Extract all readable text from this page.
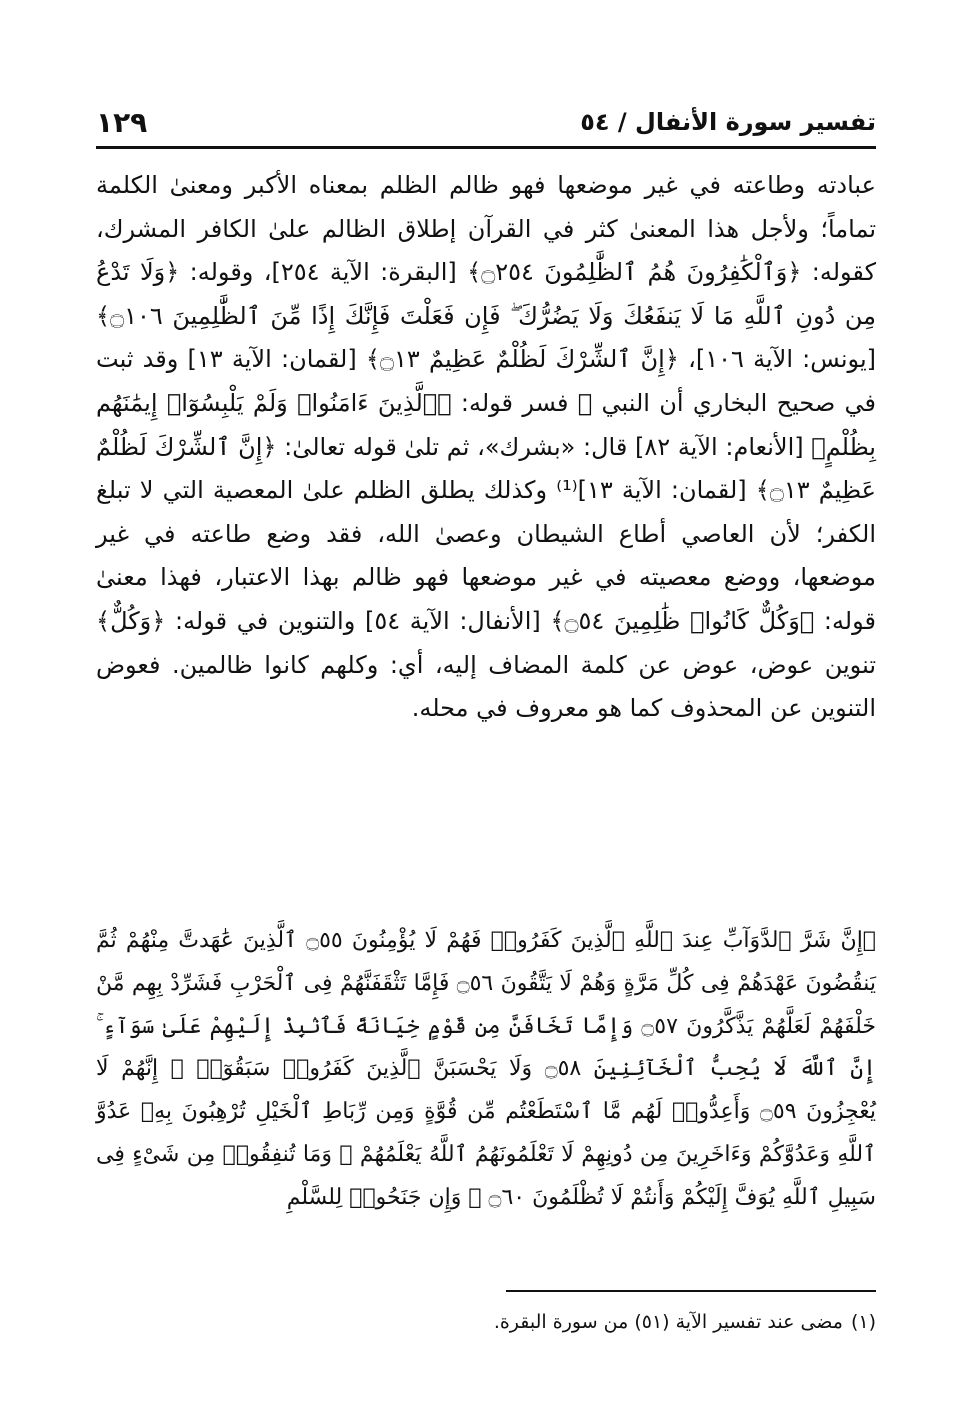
تفسير سورة الأنفال / ٥٤
١٢٩

عبادته وطاعته في غير موضعها فهو ظالم الظلم بمعناه الأكبر ومعنىٰ الكلمة تماماً؛ ولأجل هذا المعنىٰ كثر في القرآن إطلاق الظالم علىٰ الكافر المشرك، كقوله: ﴿وَٱلْكَٰفِرُونَ هُمُ ٱلظَّٰلِمُونَ ۝٢٥٤﴾ [البقرة: الآية ٢٥٤]، وقوله: ﴿وَلَا تَدْعُ مِن دُونِ ٱللَّهِ مَا لَا يَنفَعُكَ وَلَا يَضُرُّكَ ۖ فَإِن فَعَلْتَ فَإِنَّكَ إِذًا مِّنَ ٱلظَّٰلِمِينَ ۝١٠٦﴾ [يونس: الآية ١٠٦]، ﴿إِنَّ ٱلشِّرْكَ لَظُلْمٌ عَظِيمٌ ۝١٣﴾ [لقمان: الآية ١٣] وقد ثبت في صحيح البخاري أن النبي ﷺ فسر قوله: ﴿ٱلَّذِينَ ءَامَنُوا۟ وَلَمْ يَلْبِسُوٓا۟ إِيمَٰنَهُم بِظُلْمٍ﴾ [الأنعام: الآية ٨٢] قال: «بشرك»، ثم تلىٰ قوله تعالىٰ: ﴿إِنَّ ٱلشِّرْكَ لَظُلْمٌ عَظِيمٌ ۝١٣﴾ [لقمان: الآية ١٣]⁽¹⁾ وكذلك يطلق الظلم علىٰ المعصية التي لا تبلغ الكفر؛ لأن العاصي أطاع الشيطان وعصىٰ الله، فقد وضع طاعته في غير موضعها، ووضع معصيته في غير موضعها فهو ظالم بهذا الاعتبار، فهذا معنىٰ قوله: ﴿وَكُلٌّ كَانُوا۟ ظَٰلِمِينَ ۝٥٤﴾ [الأنفال: الآية ٥٤] والتنوين في قوله: ﴿وَكُلٌّ﴾ تنوين عوض، عوض عن كلمة المضاف إليه، أي: وكلهم كانوا ظالمين. فعوض التنوين عن المحذوف كما هو معروف في محله.

﴿إِنَّ شَرَّ ٱلدَّوَآبِّ عِندَ ٱللَّهِ ٱلَّذِينَ كَفَرُوا۟ فَهُمْ لَا يُؤْمِنُونَ ۝٥٥ ٱلَّذِينَ عَٰهَدتَّ مِنْهُمْ ثُمَّ يَنقُضُونَ عَهْدَهُمْ فِى كُلِّ مَرَّةٍ وَهُمْ لَا يَتَّقُونَ ۝٥٦ فَإِمَّا تَثْقَفَنَّهُمْ فِى ٱلْحَرْبِ فَشَرِّدْ بِهِم مَّنْ خَلْفَهُمْ لَعَلَّهُمْ يَذَّكَّرُونَ ۝٥٧ وَإِمَّا تَخَافَنَّ مِن قَوْمٍ خِيَانَةً فَٱنۢبِذْ إِلَيْهِمْ عَلَىٰ سَوَآءٍ ۚ إِنَّ ٱللَّهَ لَا يُحِبُّ ٱلْخَآئِنِينَ ۝٥٨ وَلَا يَحْسَبَنَّ ٱلَّذِينَ كَفَرُوا۟ سَبَقُوٓا۟ ۚ إِنَّهُمْ لَا يُعْجِزُونَ ۝٥٩ وَأَعِدُّوا۟ لَهُم مَّا ٱسْتَطَعْتُم مِّن قُوَّةٍ وَمِن رِّبَاطِ ٱلْخَيْلِ تُرْهِبُونَ بِهِۦ عَدُوَّ ٱللَّهِ وَعَدُوَّكُمْ وَءَاخَرِينَ مِن دُونِهِمْ لَا تَعْلَمُونَهُمُ ٱللَّهُ يَعْلَمُهُمْ ۚ وَمَا تُنفِقُوا۟ مِن شَىْءٍ فِى سَبِيلِ ٱللَّهِ يُوَفَّ إِلَيْكُمْ وَأَنتُمْ لَا تُظْلَمُونَ ۝٦٠ ۞ وَإِن جَنَحُوا۟ لِلسَّلْمِ

(١)
مضى عند تفسير الآية (٥١) من سورة البقرة.
